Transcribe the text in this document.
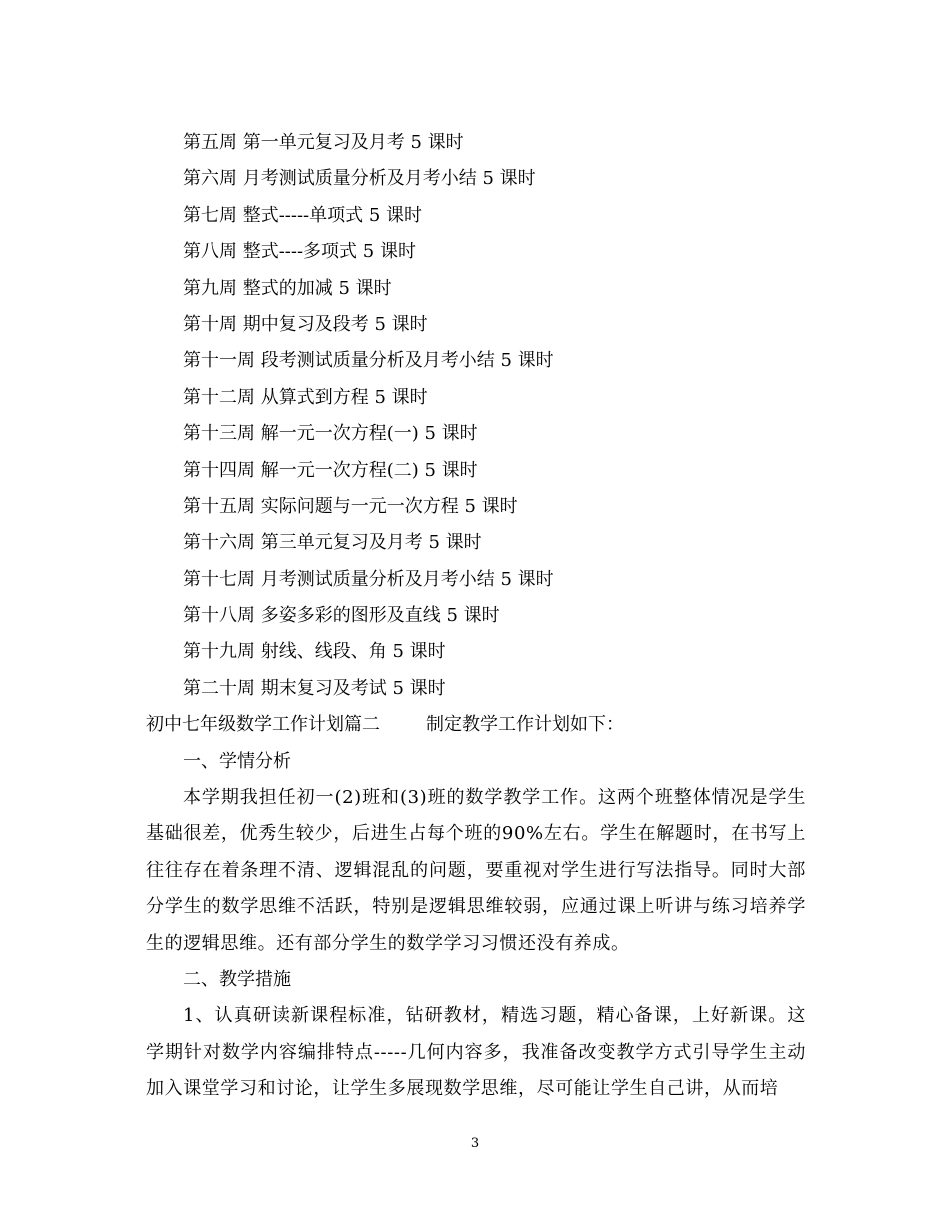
第五周 第一单元复习及月考 5 课时
第六周 月考测试质量分析及月考小结 5 课时
第七周 整式-----单项式 5 课时
第八周 整式----多项式 5 课时
第九周 整式的加减 5 课时
第十周 期中复习及段考 5 课时
第十一周 段考测试质量分析及月考小结 5 课时
第十二周 从算式到方程 5 课时
第十三周 解一元一次方程(一) 5 课时
第十四周 解一元一次方程(二) 5 课时
第十五周 实际问题与一元一次方程 5 课时
第十六周 第三单元复习及月考 5 课时
第十七周 月考测试质量分析及月考小结 5 课时
第十八周 多姿多彩的图形及直线 5 课时
第十九周 射线、线段、角 5 课时
第二十周 期末复习及考试 5 课时
初中七年级数学工作计划篇二	制定教学工作计划如下：
一、学情分析

本学期我担任初一(2)班和(3)班的数学教学工作。这两个班整体情况是学生基础很差，优秀生较少，后进生占每个班的90%左右。学生在解题时，在书写上往往存在着条理不清、逻辑混乱的问题，要重视对学生进行写法指导。同时大部分学生的数学思维不活跃，特别是逻辑思维较弱，应通过课上听讲与练习培养学生的逻辑思维。还有部分学生的数学学习习惯还没有养成。

二、教学措施

1、认真研读新课程标准，钻研教材，精选习题，精心备课，上好新课。这学期针对数学内容编排特点-----几何内容多，我准备改变教学方式引导学生主动加入课堂学习和讨论，让学生多展现数学思维，尽可能让学生自己讲，从而培

3
